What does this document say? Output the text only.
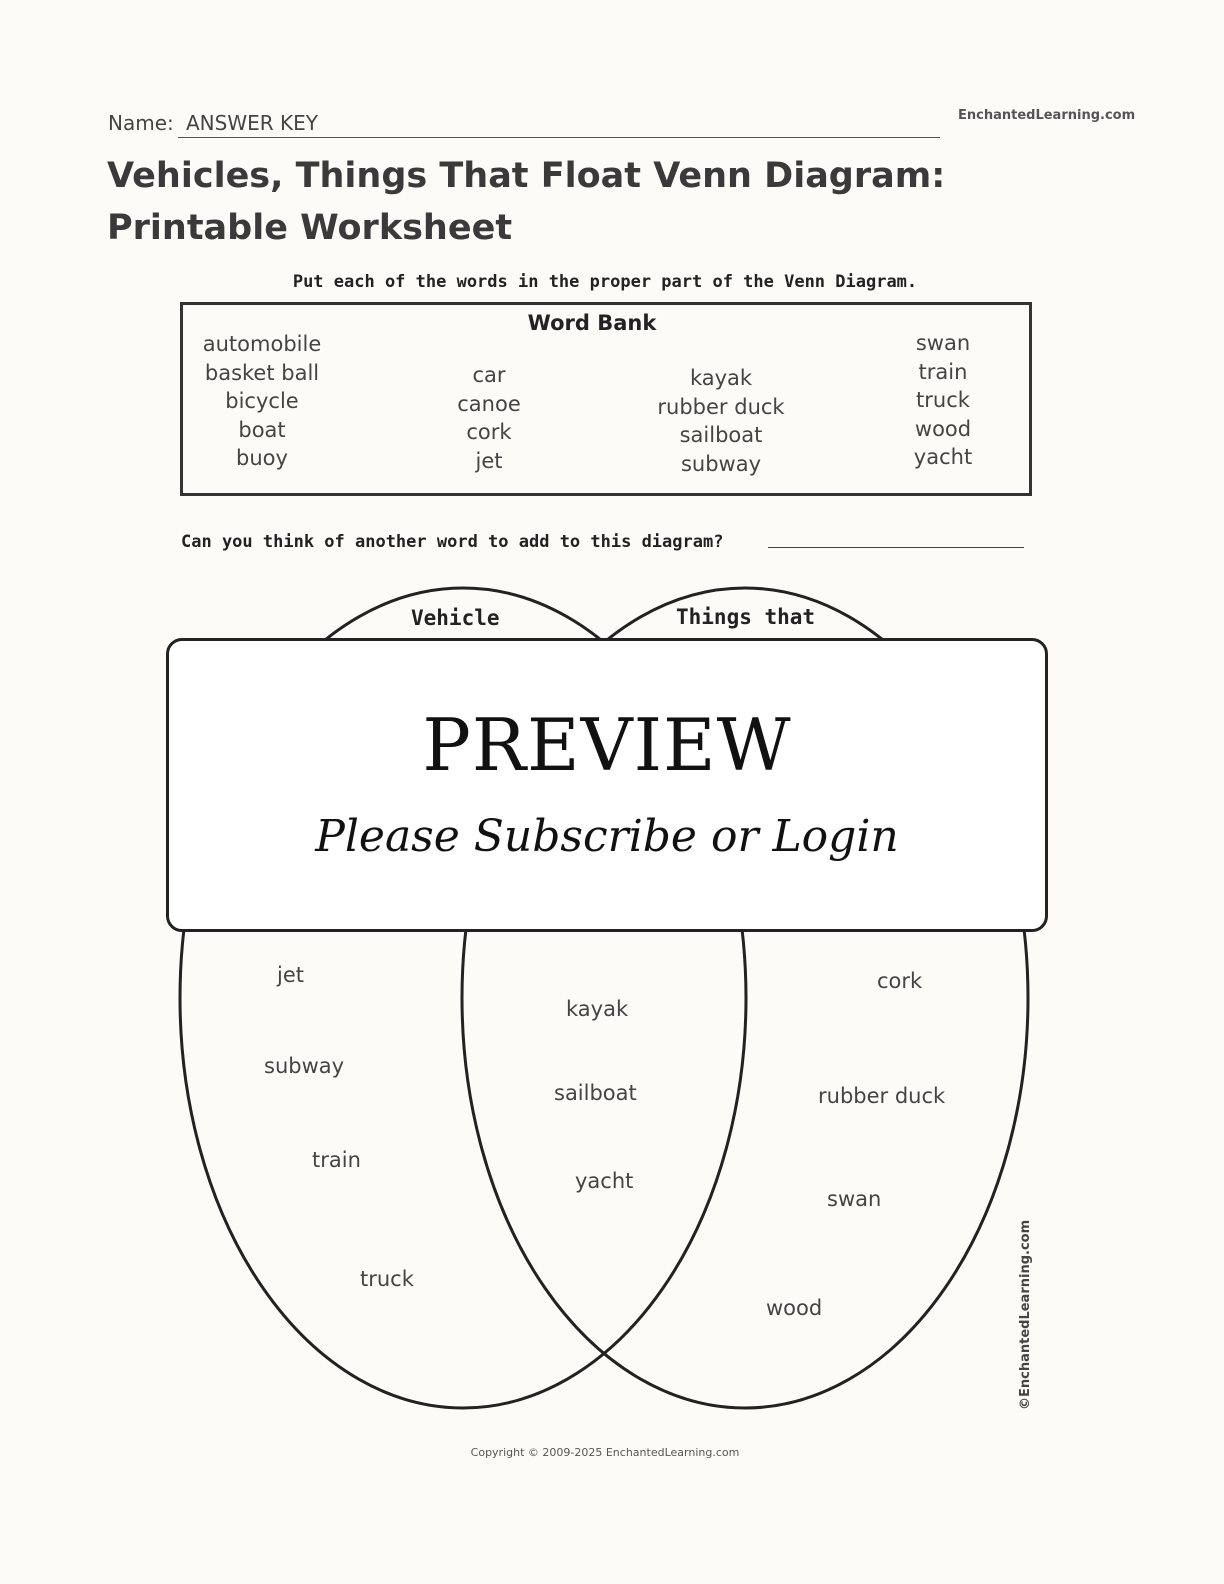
Name: ANSWER KEY	EnchantedLearning.com
Vehicles, Things That Float Venn Diagram: Printable Worksheet
Put each of the words in the proper part of the Venn Diagram.
Word Bank
automobile
basket ball
bicycle
boat
buoy
car
canoe
cork
jet
kayak
rubber duck
sailboat
subway
swan
train
truck
wood
yacht
Can you think of another word to add to this diagram?
Vehicle	Things that
jet
subway
train
truck
kayak
sailboat
yacht
cork
rubber duck
swan
wood
PREVIEW
Please Subscribe or Login
©EnchantedLearning.com
Copyright © 2009-2025 EnchantedLearning.com
